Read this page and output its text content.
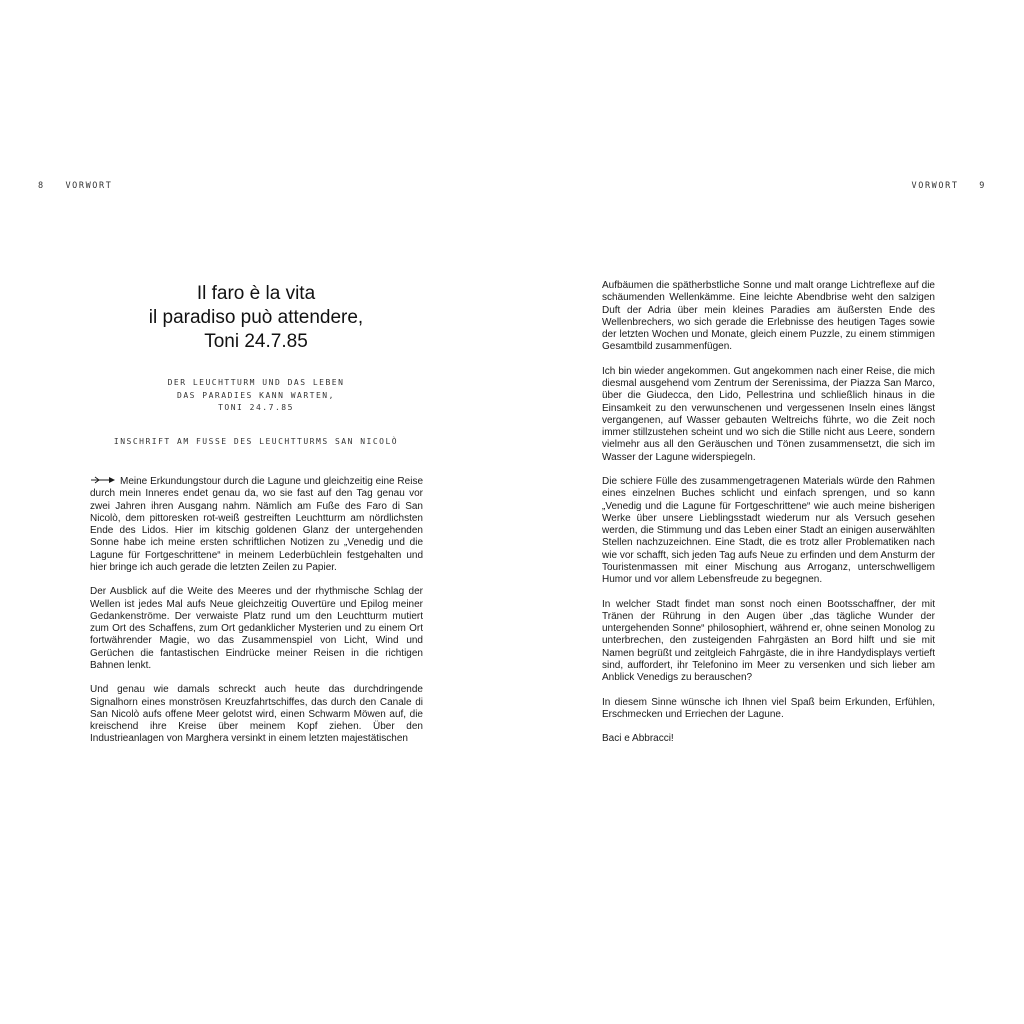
8 VORWORT	VORWORT 9
Il faro è la vita
il paradiso può attendere,
Toni 24.7.85
DER LEUCHTTURM UND DAS LEBEN
DAS PARADIES KANN WARTEN,
TONI 24.7.85
INSCHRIFT AM FUSSE DES LEUCHTTURMS SAN NICOLÒ

Meine Erkundungstour durch die Lagune und gleichzeitig eine Reise durch mein Inneres endet genau da, wo sie fast auf den Tag genau vor zwei Jahren ihren Ausgang nahm. Nämlich am Fuße des Faro di San Nicolò, dem pittoresken rot-weiß gestreiften Leuchtturm am nördlichsten Ende des Lidos. Hier im kitschig goldenen Glanz der untergehenden Sonne habe ich meine ersten schriftlichen Notizen zu „Venedig und die Lagune für Fortgeschrittene“ in meinem Lederbüchlein festgehalten und hier bringe ich auch gerade die letzten Zeilen zu Papier.

Der Ausblick auf die Weite des Meeres und der rhythmische Schlag der Wellen ist jedes Mal aufs Neue gleichzeitig Ouvertüre und Epilog meiner Gedankenströme. Der verwaiste Platz rund um den Leuchtturm mutiert zum Ort des Schaffens, zum Ort gedanklicher Mysterien und zu einem Ort fortwährender Magie, wo das Zusammenspiel von Licht, Wind und Gerüchen die fantastischen Eindrücke meiner Reisen in die richtigen Bahnen lenkt.

Und genau wie damals schreckt auch heute das durchdringende Signalhorn eines monströsen Kreuzfahrtschiffes, das durch den Canale di San Nicolò aufs offene Meer gelotst wird, einen Schwarm Möwen auf, die kreischend ihre Kreise über meinem Kopf ziehen. Über den Industrieanlagen von Marghera versinkt in einem letzten majestätischen

Aufbäumen die spätherbstliche Sonne und malt orange Lichtreflexe auf die schäumenden Wellenkämme. Eine leichte Abendbrise weht den salzigen Duft der Adria über mein kleines Paradies am äußersten Ende des Wellenbrechers, wo sich gerade die Erlebnisse des heutigen Tages sowie der letzten Wochen und Monate, gleich einem Puzzle, zu einem stimmigen Gesamtbild zusammenfügen.

Ich bin wieder angekommen. Gut angekommen nach einer Reise, die mich diesmal ausgehend vom Zentrum der Serenissima, der Piazza San Marco, über die Giudecca, den Lido, Pellestrina und schließlich hinaus in die Einsamkeit zu den verwunschenen und vergessenen Inseln eines längst vergangenen, auf Wasser gebauten Weltreichs führte, wo die Zeit noch immer stillzustehen scheint und wo sich die Stille nicht aus Leere, sondern vielmehr aus all den Geräuschen und Tönen zusammensetzt, die sich im Wasser der Lagune widerspiegeln.

Die schiere Fülle des zusammengetragenen Materials würde den Rahmen eines einzelnen Buches schlicht und einfach sprengen, und so kann „Venedig und die Lagune für Fortgeschrittene“ wie auch meine bisherigen Werke über unsere Lieblingsstadt wiederum nur als Versuch gesehen werden, die Stimmung und das Leben einer Stadt an einigen auserwählten Stellen nachzuzeichnen. Eine Stadt, die es trotz aller Problematiken nach wie vor schafft, sich jeden Tag aufs Neue zu erfinden und dem Ansturm der Touristenmassen mit einer Mischung aus Arroganz, unterschwelligem Humor und vor allem Lebensfreude zu begegnen.

In welcher Stadt findet man sonst noch einen Bootsschaffner, der mit Tränen der Rührung in den Augen über „das tägliche Wunder der untergehenden Sonne“ philosophiert, während er, ohne seinen Monolog zu unterbrechen, den zusteigenden Fahrgästen an Bord hilft und sie mit Namen begrüßt und zeitgleich Fahrgäste, die in ihre Handydisplays vertieft sind, auffordert, ihr Telefonino im Meer zu versenken und sich lieber am Anblick Venedigs zu berauschen?

In diesem Sinne wünsche ich Ihnen viel Spaß beim Erkunden, Erfühlen, Erschmecken und Erriechen der Lagune.

Baci e Abbracci!
